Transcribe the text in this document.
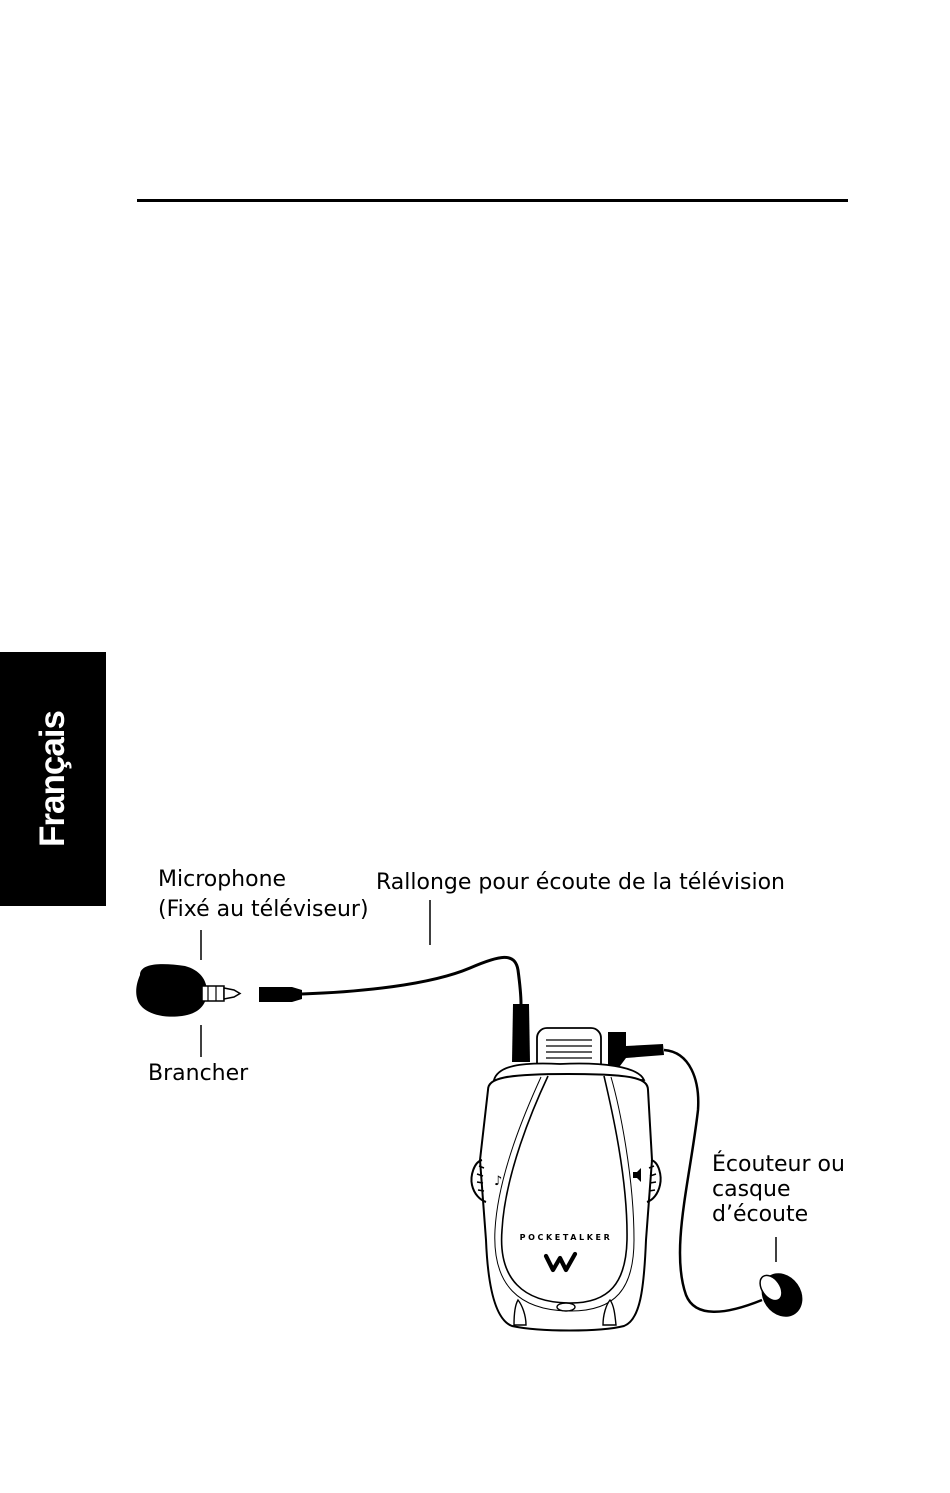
Français
♪
POCKETALKER
Microphone
(Fixé au téléviseur)
Rallonge pour écoute de la télévision
Brancher
Écouteur ou
casque
d’écoute
